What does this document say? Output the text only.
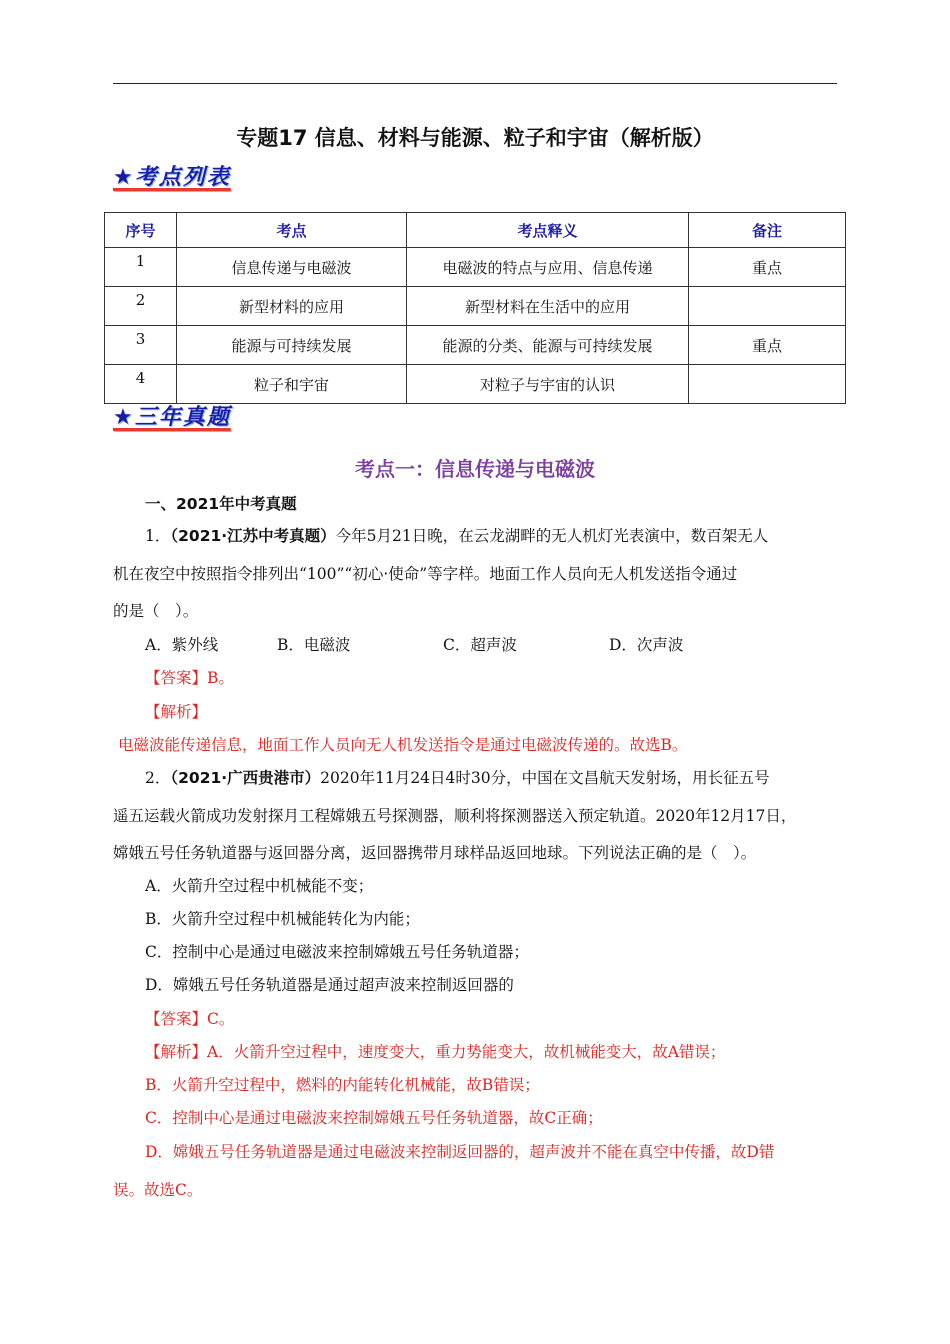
专题17 信息、材料与能源、粒子和宇宙（解析版）
★考点列表
序号	考点	考点释义	备注
1	信息传递与电磁波	电磁波的特点与应用、信息传递	重点
2	新型材料的应用	新型材料在生活中的应用	
3	能源与可持续发展	能源的分类、能源与可持续发展	重点
4	粒子和宇宙	对粒子与宇宙的认识	
★三年真题
考点一：信息传递与电磁波
一、2021年中考真题
1．（2021·江苏中考真题）今年5月21日晚，在云龙湖畔的无人机灯光表演中，数百架无人
机在夜空中按照指令排列出“100”“初心·使命”等字样。地面工作人员向无人机发送指令通过
的是（　）。
A．紫外线	B．电磁波	C．超声波	D．次声波
【答案】B。
【解析】
电磁波能传递信息，地面工作人员向无人机发送指令是通过电磁波传递的。故选B。
2．（2021·广西贵港市）2020年11月24日4时30分，中国在文昌航天发射场，用长征五号
遥五运载火箭成功发射探月工程嫦娥五号探测器，顺利将探测器送入预定轨道。2020年12月17日，
嫦娥五号任务轨道器与返回器分离，返回器携带月球样品返回地球。下列说法正确的是（　）。
A．火箭升空过程中机械能不变；
B．火箭升空过程中机械能转化为内能；
C．控制中心是通过电磁波来控制嫦娥五号任务轨道器；
D．嫦娥五号任务轨道器是通过超声波来控制返回器的
【答案】C。
【解析】A．火箭升空过程中，速度变大，重力势能变大，故机械能变大，故A错误；
B．火箭升空过程中，燃料的内能转化机械能，故B错误；
C．控制中心是通过电磁波来控制嫦娥五号任务轨道器，故C正确；
D．嫦娥五号任务轨道器是通过电磁波来控制返回器的，超声波并不能在真空中传播，故D错
误。故选C。
